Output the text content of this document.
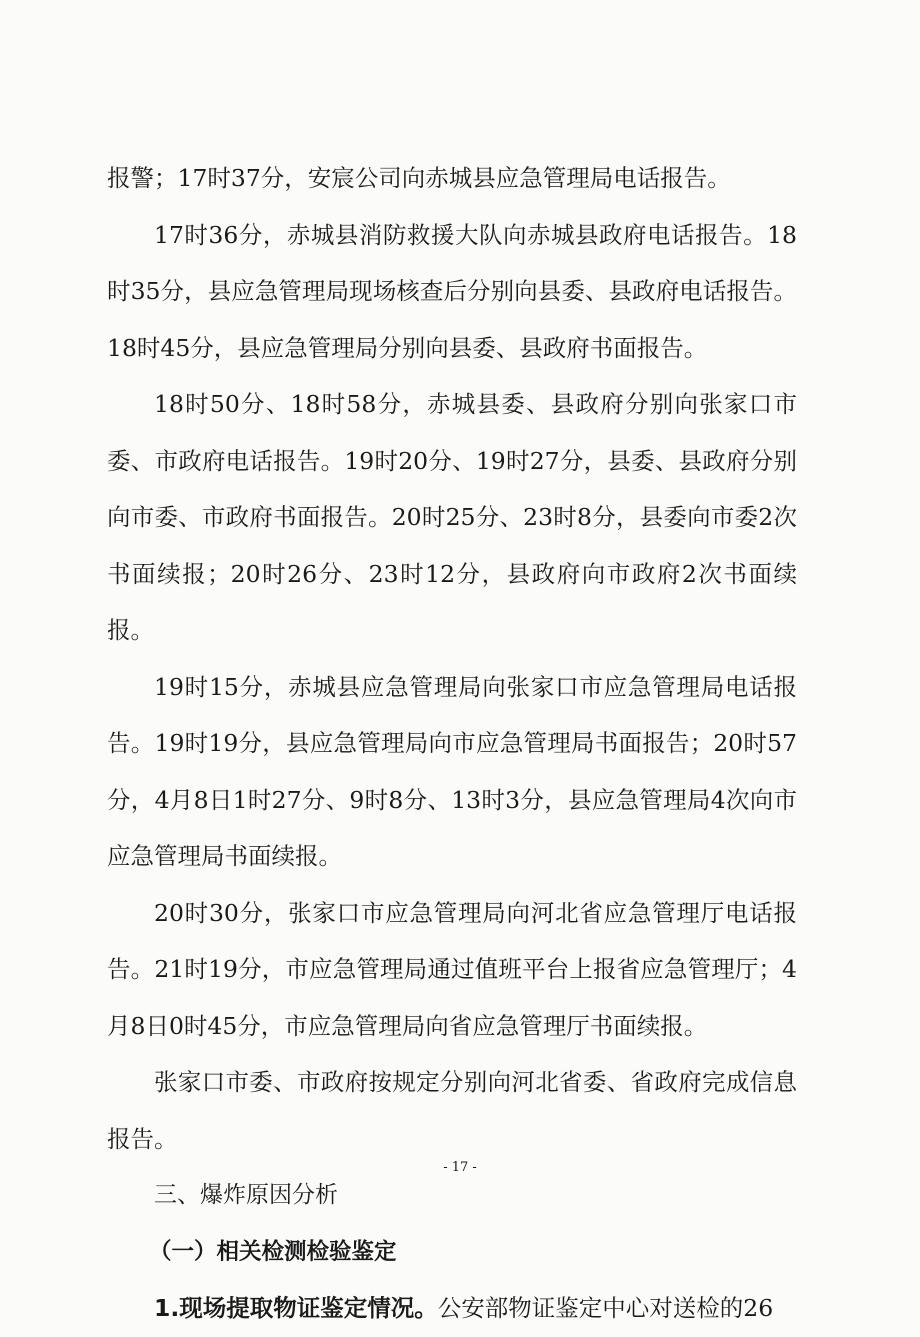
报警；17时37分，安宸公司向赤城县应急管理局电话报告。

17时36分，赤城县消防救援大队向赤城县政府电话报告。18时35分，县应急管理局现场核查后分别向县委、县政府电话报告。18时45分，县应急管理局分别向县委、县政府书面报告。

18时50分、18时58分，赤城县委、县政府分别向张家口市委、市政府电话报告。19时20分、19时27分，县委、县政府分别向市委、市政府书面报告。20时25分、23时8分，县委向市委2次书面续报；20时26分、23时12分，县政府向市政府2次书面续报。

19时15分，赤城县应急管理局向张家口市应急管理局电话报告。19时19分，县应急管理局向市应急管理局书面报告；20时57分，4月8日1时27分、9时8分、13时3分，县应急管理局4次向市应急管理局书面续报。

20时30分，张家口市应急管理局向河北省应急管理厅电话报告。21时19分，市应急管理局通过值班平台上报省应急管理厅；4月8日0时45分，市应急管理局向省应急管理厅书面续报。

张家口市委、市政府按规定分别向河北省委、省政府完成信息报告。

三、爆炸原因分析

（一）相关检测检验鉴定

1.现场提取物证鉴定情况。公安部物证鉴定中心对送检的26

- 17 -
